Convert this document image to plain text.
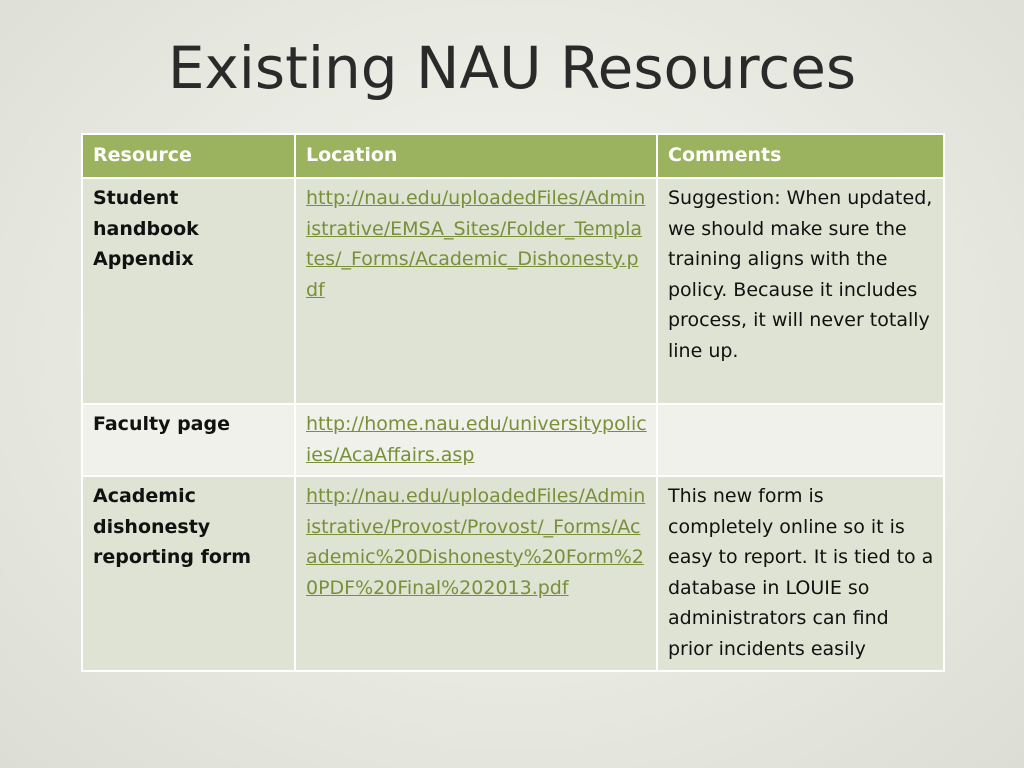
Existing NAU Resources
Resource	Location	Comments
Student handbook Appendix	http://nau.edu/uploadedFiles/Administrative/EMSA_Sites/Folder_Templates/_Forms/Academic_Dishonesty.pdf	Suggestion: When updated, we should make sure the training aligns with the policy. Because it includes process, it will never totally line up.
Faculty page	http://home.nau.edu/universitypolicies/AcaAffairs.asp	
Academic dishonesty reporting form	http://nau.edu/uploadedFiles/Administrative/Provost/Provost/_Forms/Academic%20Dishonesty%20Form%20PDF%20Final%202013.pdf	This new form is completely online so it is easy to report. It is tied to a database in LOUIE so administrators can find prior incidents easily
